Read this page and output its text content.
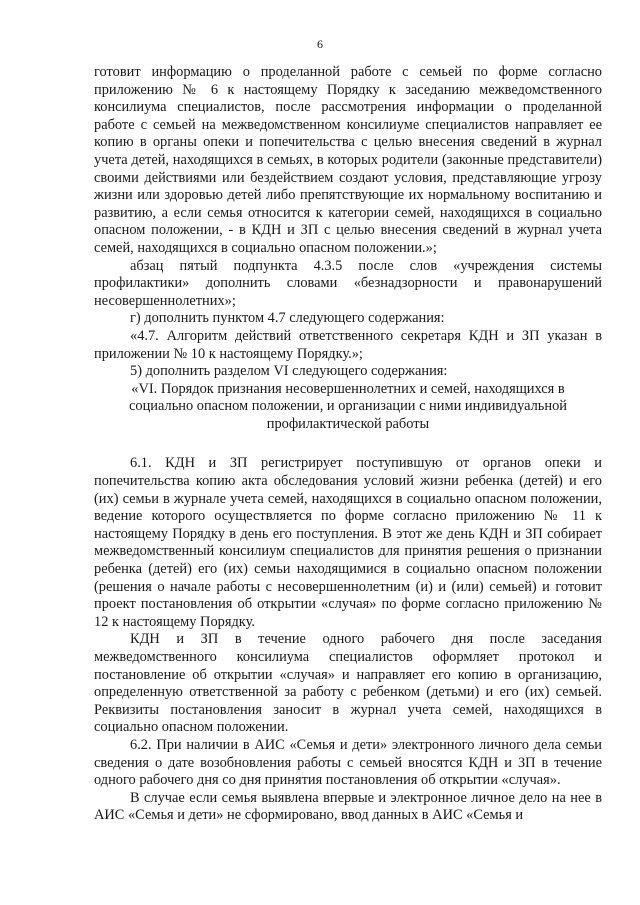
6

готовит информацию о проделанной работе с семьей по форме согласно приложению № 6 к настоящему Порядку к заседанию межведомственного консилиума специалистов, после рассмотрения информации о проделанной работе с семьей на межведомственном консилиуме специалистов направляет ее копию в органы опеки и попечительства с целью внесения сведений в журнал учета детей, находящихся в семьях, в которых родители (законные представители) своими действиями или бездействием создают условия, представляющие угрозу жизни или здоровью детей либо препятствующие их нормальному воспитанию и развитию, а если семья относится к категории семей, находящихся в социально опасном положении, - в КДН и ЗП с целью внесения сведений в журнал учета семей, находящихся в социально опасном положении.»;

абзац пятый подпункта 4.3.5 после слов «учреждения системы профилактики» дополнить словами «безнадзорности и правонарушений несовершеннолетних»;

г) дополнить пунктом 4.7 следующего содержания:

«4.7. Алгоритм действий ответственного секретаря КДН и ЗП указан в приложении № 10 к настоящему Порядку.»;

5) дополнить разделом VI следующего содержания:

«VI. Порядок признания несовершеннолетних и семей, находящихся в социально опасном положении, и организации с ними индивидуальной профилактической работы

6.1. КДН и ЗП регистрирует поступившую от органов опеки и попечительства копию акта обследования условий жизни ребенка (детей) и его (их) семьи в журнале учета семей, находящихся в социально опасном положении, ведение которого осуществляется по форме согласно приложению № 11 к настоящему Порядку в день его поступления. В этот же день КДН и ЗП собирает межведомственный консилиум специалистов для принятия решения о признании ребенка (детей) его (их) семьи находящимися в социально опасном положении (решения о начале работы с несовершеннолетним (и) и (или) семьей) и готовит проект постановления об открытии «случая» по форме согласно приложению № 12 к настоящему Порядку.

КДН и ЗП в течение одного рабочего дня после заседания межведомственного консилиума специалистов оформляет протокол и постановление об открытии «случая» и направляет его копию в организацию, определенную ответственной за работу с ребенком (детьми) и его (их) семьей. Реквизиты постановления заносит в журнал учета семей, находящихся в социально опасном положении.

6.2. При наличии в АИС «Семья и дети» электронного личного дела семьи сведения о дате возобновления работы с семьей вносятся КДН и ЗП в течение одного рабочего дня со дня принятия постановления об открытии «случая».

В случае если семья выявлена впервые и электронное личное дело на нее в АИС «Семья и дети» не сформировано, ввод данных в АИС «Семья и
